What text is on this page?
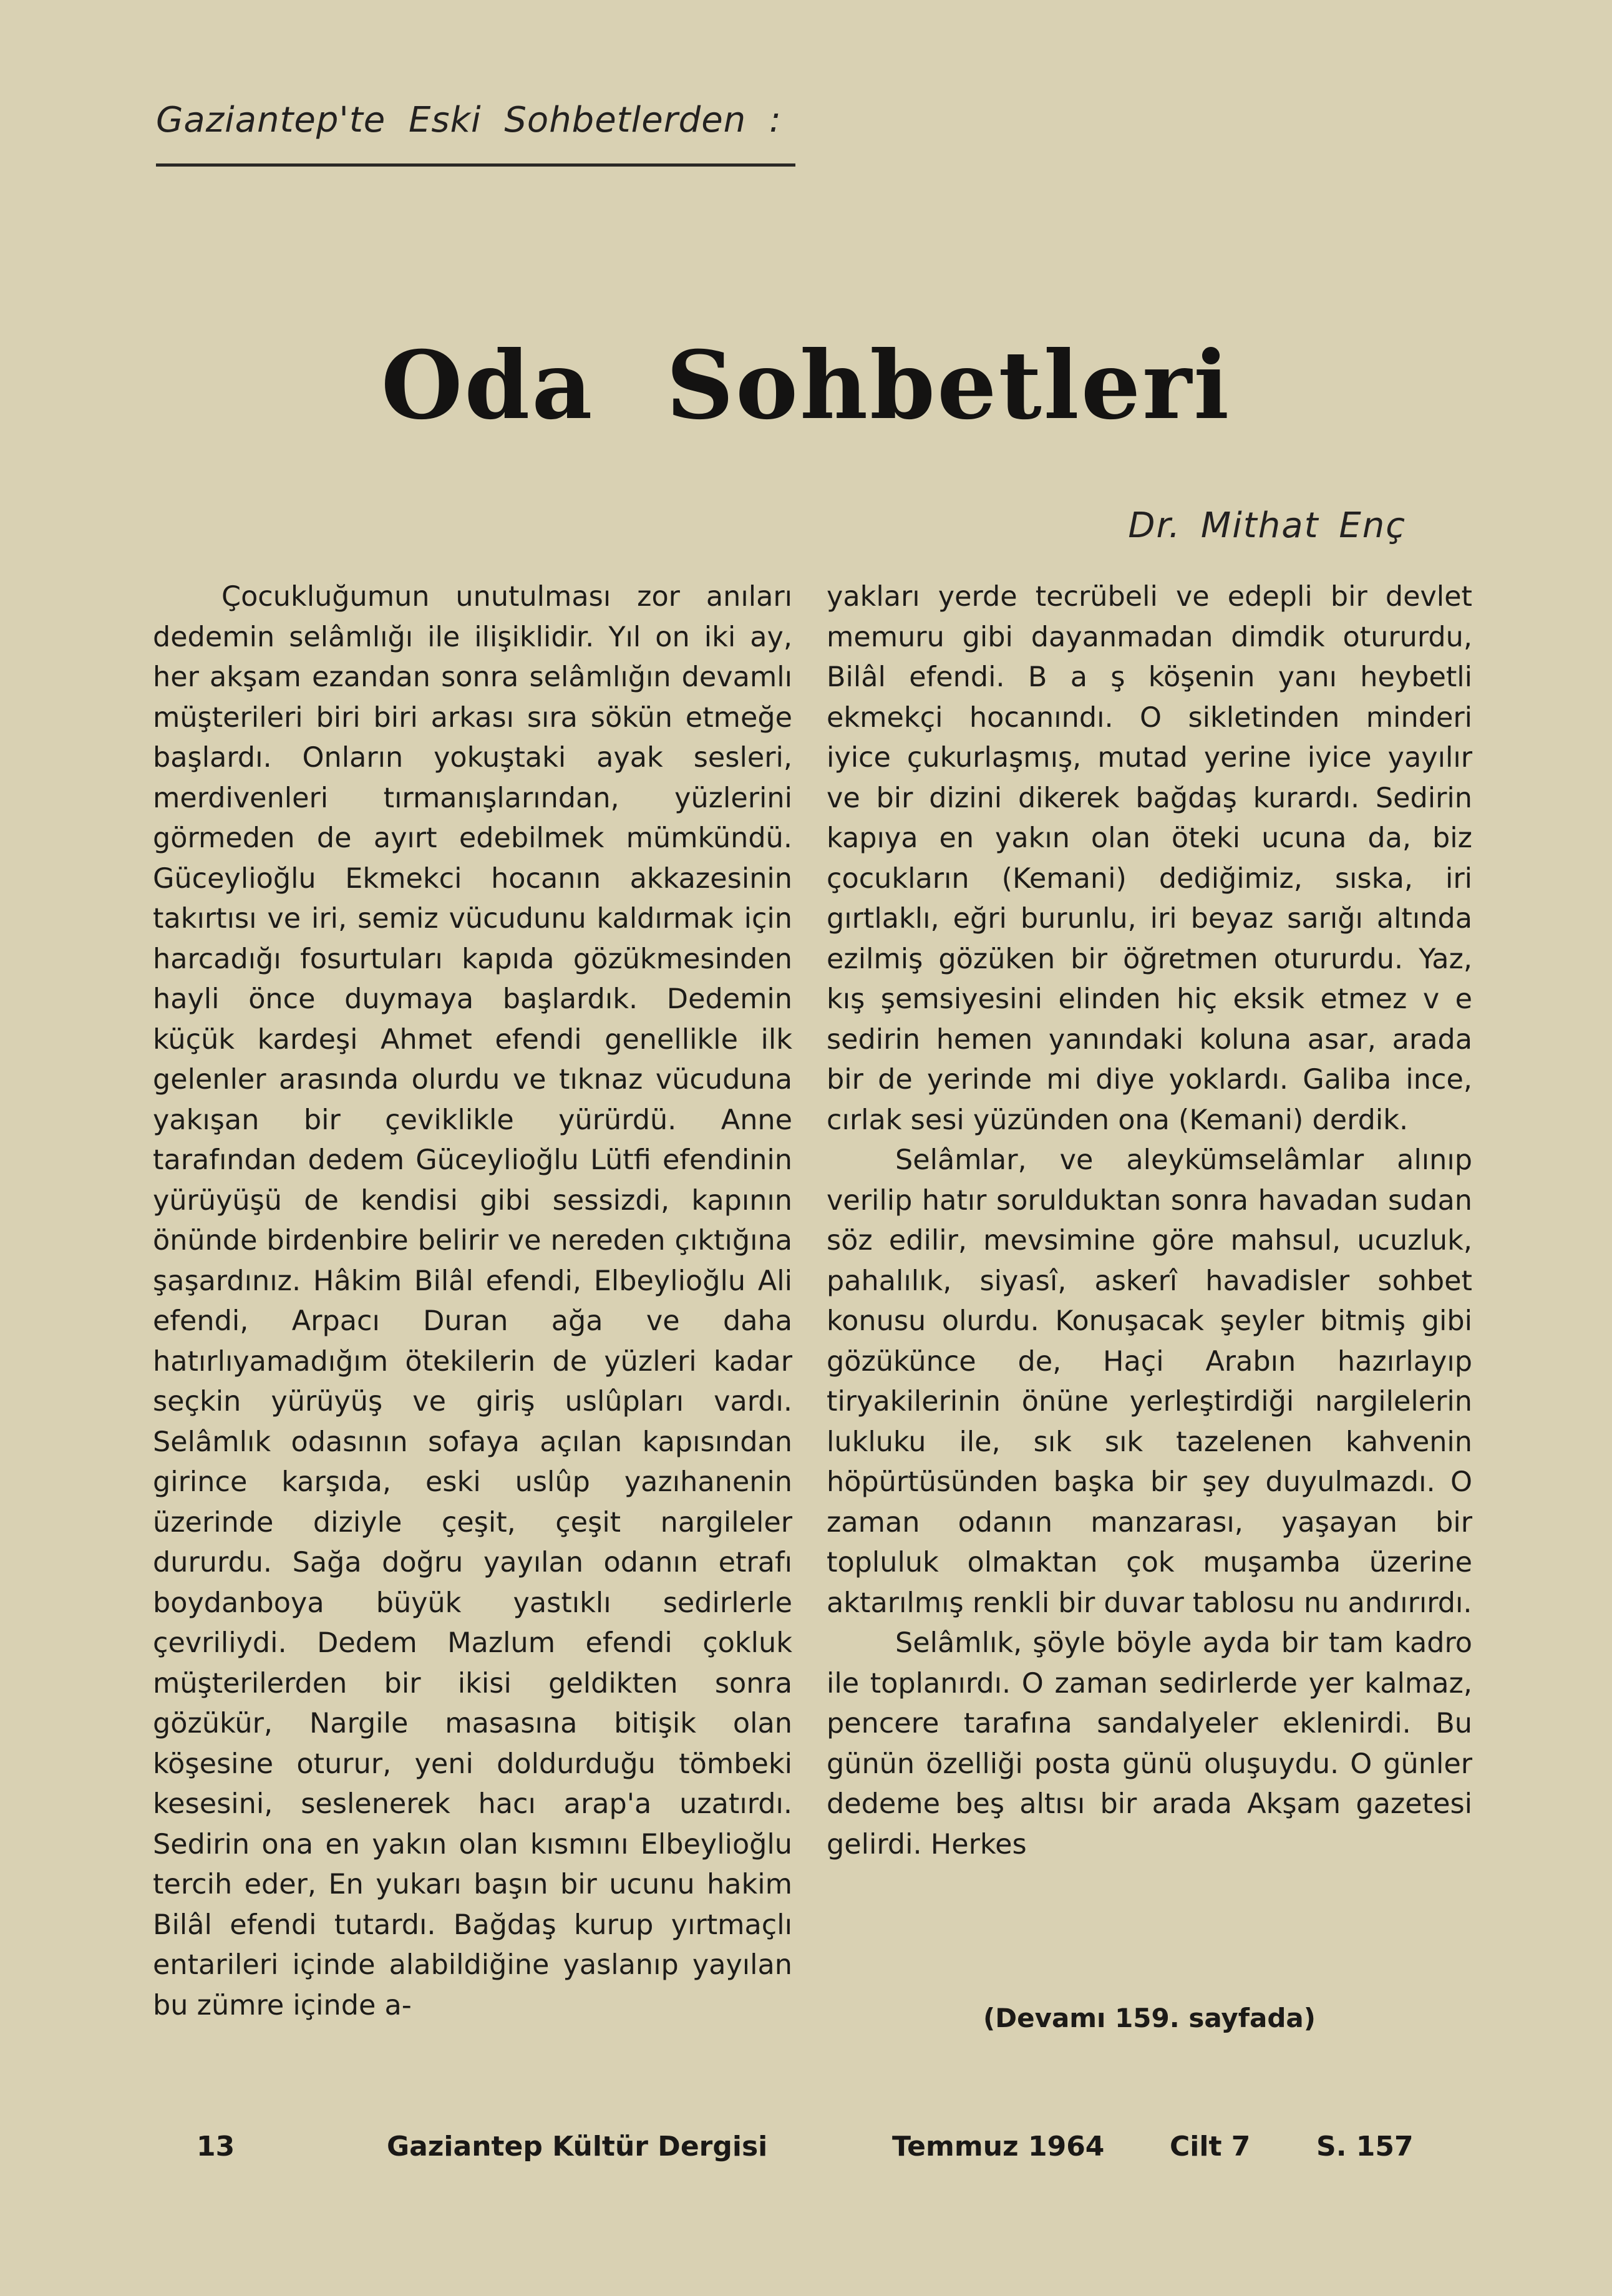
Gaziantep'te Eski Sohbetlerden :
Oda Sohbetleri
Dr. Mithat Enç

Çocukluğumun unutulması zor anıları dedemin selâmlığı ile ilişiklidir. Yıl on iki ay, her akşam ezandan sonra selâmlığın devamlı müşterileri biri biri arkası sıra sökün etmeğe başlardı. Onların yokuştaki ayak sesleri, merdivenleri tırmanışlarından, yüzlerini görmeden de ayırt edebilmek mümkündü. Güceylioğlu Ekmekci hocanın akkazesinin takırtısı ve iri, semiz vücudunu kaldırmak için harcadığı fosurtuları kapıda gözükmesinden hayli önce duymaya başlardık. Dedemin küçük kardeşi Ahmet efendi genellikle ilk gelenler arasında olurdu ve tıknaz vücuduna yakışan bir çeviklikle yürürdü. Anne tarafından dedem Güceylioğlu Lütfi efendinin yürüyüşü de kendisi gibi sessizdi, kapının önünde birdenbire belirir ve nereden çıktığına şaşardınız. Hâkim Bilâl efendi, Elbeylioğlu Ali efendi, Arpacı Duran ağa ve daha hatırlıyamadığım ötekilerin de yüzleri kadar seçkin yürüyüş ve giriş uslûpları vardı. Selâmlık odasının sofaya açılan kapısından girince karşıda, eski uslûp yazıhanenin üzerinde diziyle çeşit, çeşit nargileler dururdu. Sağa doğru yayılan odanın etrafı boydanboya büyük yastıklı sedirlerle çevriliydi. Dedem Mazlum efendi çokluk müşterilerden bir ikisi geldikten sonra gözükür, Nargile masasına bitişik olan köşesine oturur, yeni doldurduğu tömbeki kesesini, seslenerek hacı arap'a uzatırdı. Sedirin ona en yakın olan kısmını Elbeylioğlu tercih eder, En yukarı başın bir ucunu hakim Bilâl efendi tutardı. Bağdaş kurup yırtmaçlı entarileri içinde alabildiğine yaslanıp yayılan bu zümre içinde a-

yakları yerde tecrübeli ve edepli bir devlet memuru gibi dayanmadan dimdik otururdu, Bilâl efendi. B a ş köşenin yanı heybetli ekmekçi hocanındı. O sikletinden minderi iyice çukurlaşmış, mutad yerine iyice yayılır ve bir dizini dikerek bağdaş kurardı. Sedirin kapıya en yakın olan öteki ucuna da, biz çocukların (Kemani) dediğimiz, sıska, iri gırtlaklı, eğri burunlu, iri beyaz sarığı altında ezilmiş gözüken bir öğretmen otururdu. Yaz, kış şemsiyesini elinden hiç eksik etmez v e sedirin hemen yanındaki koluna asar, arada bir de yerinde mi diye yoklardı. Galiba ince, cırlak sesi yüzünden ona (Kemani) derdik.

Selâmlar, ve aleykümselâmlar alınıp verilip hatır sorulduktan sonra havadan sudan söz edilir, mevsimine göre mahsul, ucuzluk, pahalılık, siyasî, askerî havadisler sohbet konusu olurdu. Konuşacak şeyler bitmiş gibi gözükünce de, Haçi Arabın hazırlayıp tiryakilerinin önüne yerleştirdiği nargilelerin lukluku ile, sık sık tazelenen kahvenin höpürtüsünden başka bir şey duyulmazdı. O zaman odanın manzarası, yaşayan bir topluluk olmaktan çok muşamba üzerine aktarılmış renkli bir duvar tablosu nu andırırdı.

Selâmlık, şöyle böyle ayda bir tam kadro ile toplanırdı. O zaman sedirlerde yer kalmaz, pencere tarafına sandalyeler eklenirdi. Bu günün özelliği posta günü oluşuydu. O günler dedeme beş altısı bir arada Akşam gazetesi gelirdi. Herkes

(Devamı 159. sayfada)
13	Gaziantep Kültür Dergisi	Temmuz 1964 Cilt 7 S. 157
